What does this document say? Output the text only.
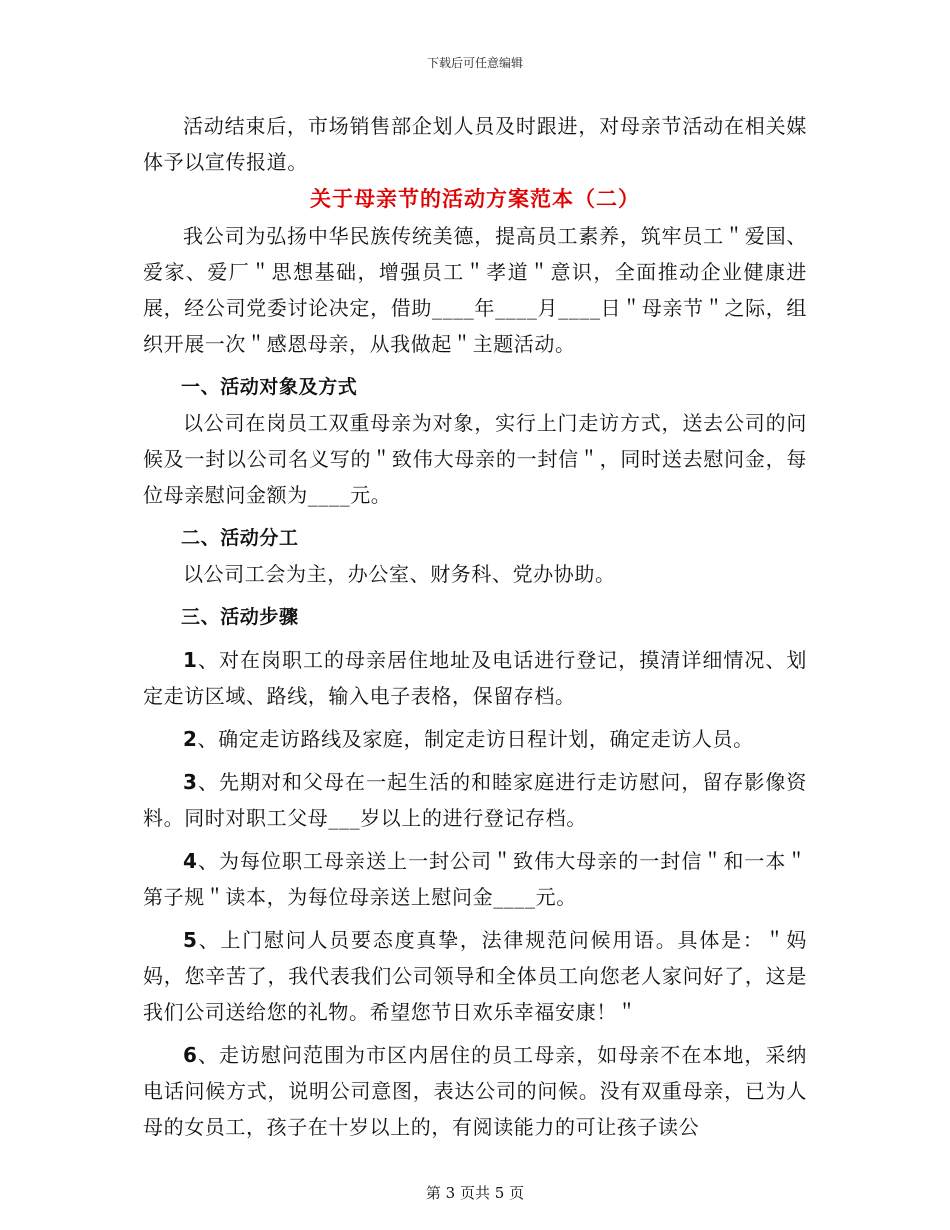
下载后可任意编辑

活动结束后，市场销售部企划人员及时跟进，对母亲节活动在相关媒体予以宣传报道。

关于母亲节的活动方案范本（二）

我公司为弘扬中华民族传统美德，提高员工素养，筑牢员工＂爱国、爱家、爱厂＂思想基础，增强员工＂孝道＂意识，全面推动企业健康进展，经公司党委讨论决定，借助____年____月____日＂母亲节＂之际，组织开展一次＂感恩母亲，从我做起＂主题活动。

一、活动对象及方式

以公司在岗员工双重母亲为对象，实行上门走访方式，送去公司的问候及一封以公司名义写的＂致伟大母亲的一封信＂，同时送去慰问金，每位母亲慰问金额为____元。

二、活动分工

以公司工会为主，办公室、财务科、党办协助。

三、活动步骤

1、对在岗职工的母亲居住地址及电话进行登记，摸清详细情况、划定走访区域、路线，输入电子表格，保留存档。

2、确定走访路线及家庭，制定走访日程计划，确定走访人员。

3、先期对和父母在一起生活的和睦家庭进行走访慰问，留存影像资料。同时对职工父母___岁以上的进行登记存档。

4、为每位职工母亲送上一封公司＂致伟大母亲的一封信＂和一本＂第子规＂读本，为每位母亲送上慰问金____元。

5、上门慰问人员要态度真挚，法律规范问候用语。具体是：＂妈妈，您辛苦了，我代表我们公司领导和全体员工向您老人家问好了，这是我们公司送给您的礼物。希望您节日欢乐幸福安康！＂

6、走访慰问范围为市区内居住的员工母亲，如母亲不在本地，采纳电话问候方式，说明公司意图，表达公司的问候。没有双重母亲，已为人母的女员工，孩子在十岁以上的，有阅读能力的可让孩子读公

第 3 页共 5 页
